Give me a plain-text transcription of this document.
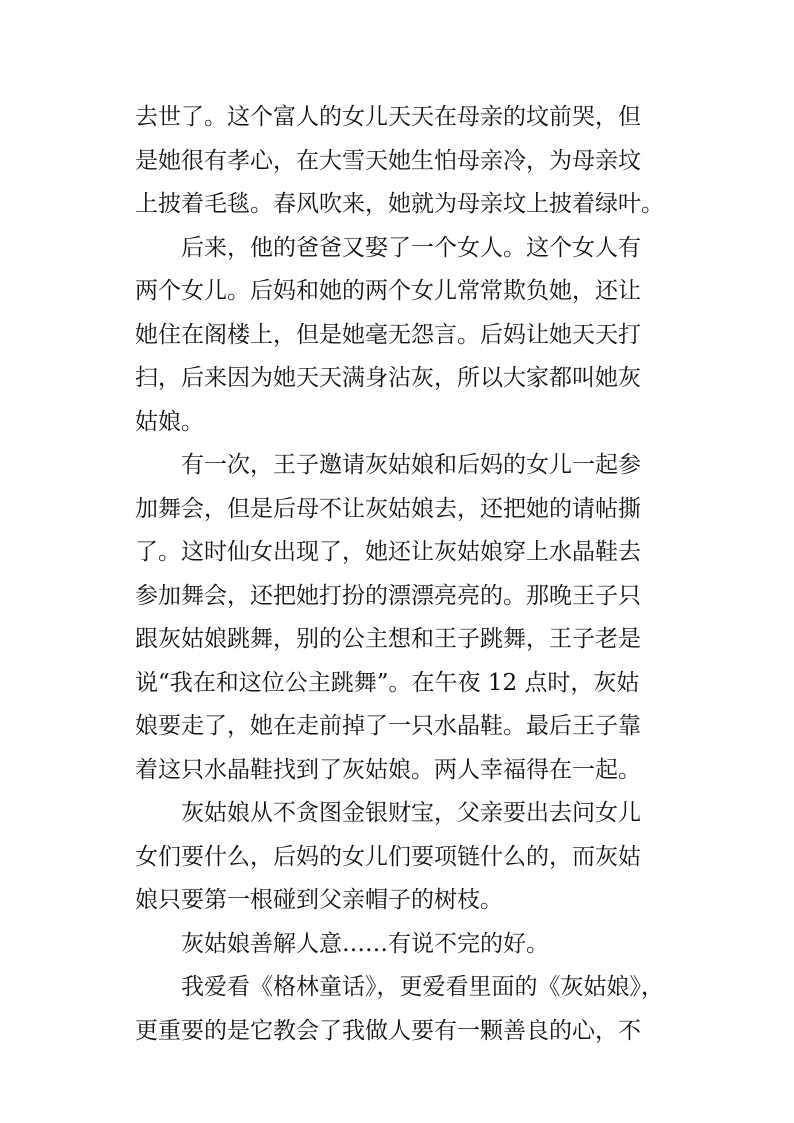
去世了。这个富人的女儿天天在母亲的坟前哭，但
是她很有孝心，在大雪天她生怕母亲冷，为母亲坟
上披着毛毯。春风吹来，她就为母亲坟上披着绿叶。
后来，他的爸爸又娶了一个女人。这个女人有
两个女儿。后妈和她的两个女儿常常欺负她，还让
她住在阁楼上，但是她毫无怨言。后妈让她天天打
扫，后来因为她天天满身沾灰，所以大家都叫她灰
姑娘。
有一次，王子邀请灰姑娘和后妈的女儿一起参
加舞会，但是后母不让灰姑娘去，还把她的请帖撕
了。这时仙女出现了，她还让灰姑娘穿上水晶鞋去
参加舞会，还把她打扮的漂漂亮亮的。那晚王子只
跟灰姑娘跳舞，别的公主想和王子跳舞，王子老是
说“我在和这位公主跳舞”。在午夜 12 点时，灰姑
娘要走了，她在走前掉了一只水晶鞋。最后王子靠
着这只水晶鞋找到了灰姑娘。两人幸福得在一起。
灰姑娘从不贪图金银财宝，父亲要出去问女儿
女们要什么，后妈的女儿们要项链什么的，而灰姑
娘只要第一根碰到父亲帽子的树枝。
灰姑娘善解人意……有说不完的好。
我爱看《格林童话》，更爱看里面的《灰姑娘》，
更重要的是它教会了我做人要有一颗善良的心，不
